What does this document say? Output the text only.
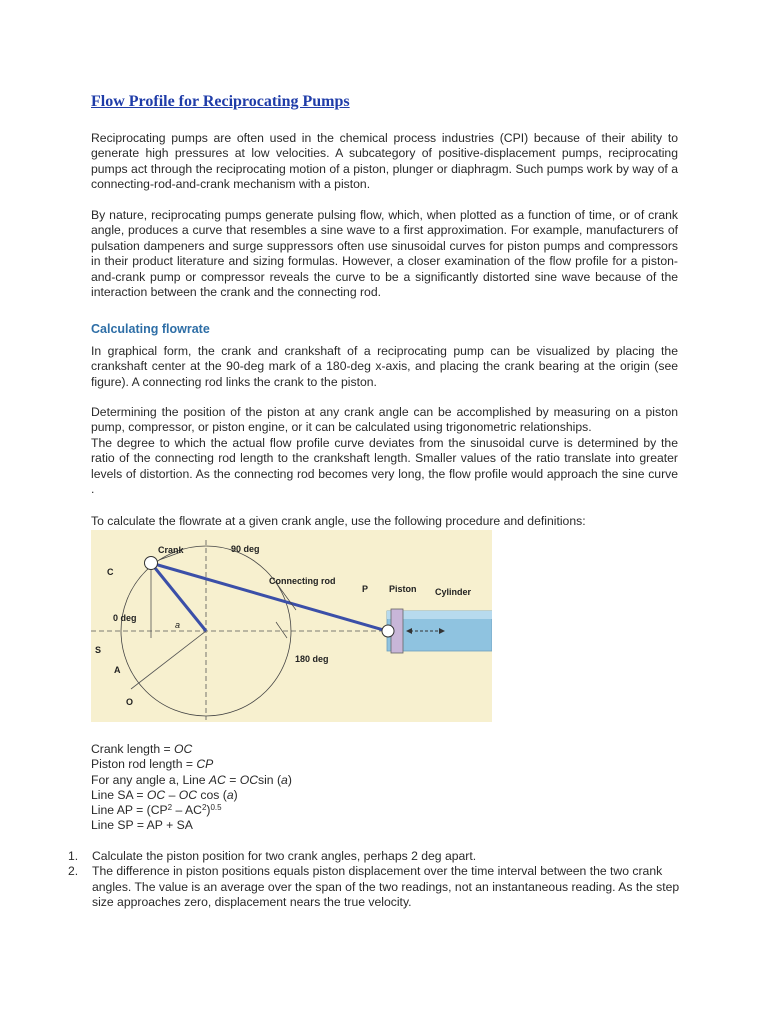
Flow Profile for Reciprocating Pumps

Reciprocating pumps are often used in the chemical process industries (CPI) because of their ability to generate high pressures at low velocities. A subcategory of positive-displacement pumps, reciprocating pumps act through the reciprocating motion of a piston, plunger or diaphragm. Such pumps work by way of a connecting-rod-and-crank mechanism with a piston.

By nature, reciprocating pumps generate pulsing flow, which, when plotted as a function of time, or of crank angle, produces a curve that resembles a sine wave to a first approximation. For example, manufacturers of pulsation dampeners and surge suppressors often use sinusoidal curves for piston pumps and compressors in their product literature and sizing formulas. However, a closer examination of the flow profile for a piston-and-crank pump or compressor reveals the curve to be a significantly distorted sine wave because of the interaction between the crank and the connecting rod.

Calculating flowrate

In graphical form, the crank and crankshaft of a reciprocating pump can be visualized by placing the crankshaft center at the 90-deg mark of a 180-deg x-axis, and placing the crank bearing at the origin (see figure). A connecting rod links the crank to the piston.

Determining the position of the piston at any crank angle can be accomplished by measuring on a piston pump, compressor, or piston engine, or it can be calculated using trigonometric relationships.

The degree to which the actual flow profile curve deviates from the sinusoidal curve is determined by the ratio of the connecting rod length to the crankshaft length. Smaller values of the ratio translate into greater levels of distortion. As the connecting rod becomes very long, the flow profile would approach the sine curve .

To calculate the flowrate at a given crank angle, use the following procedure and definitions:

Crank	90 deg
C
Connecting rod
P Piston Cylinder
0 deg
a
S
A
180 deg
O
Crank length = OC
Piston rod length = CP
For any angle a, Line AC = OCsin (a)
Line SA = OC – OC cos (a)
Line AP = $(CP^2 - AC^2)^{0.5}$
Line SP = AP + SA
1. Calculate the piston position for two crank angles, perhaps 2 deg apart.
2. The difference in piston positions equals piston displacement over the time interval between the two crank angles. The value is an average over the span of the two readings, not an instantaneous reading. As the step size approaches zero, displacement nears the true velocity.
